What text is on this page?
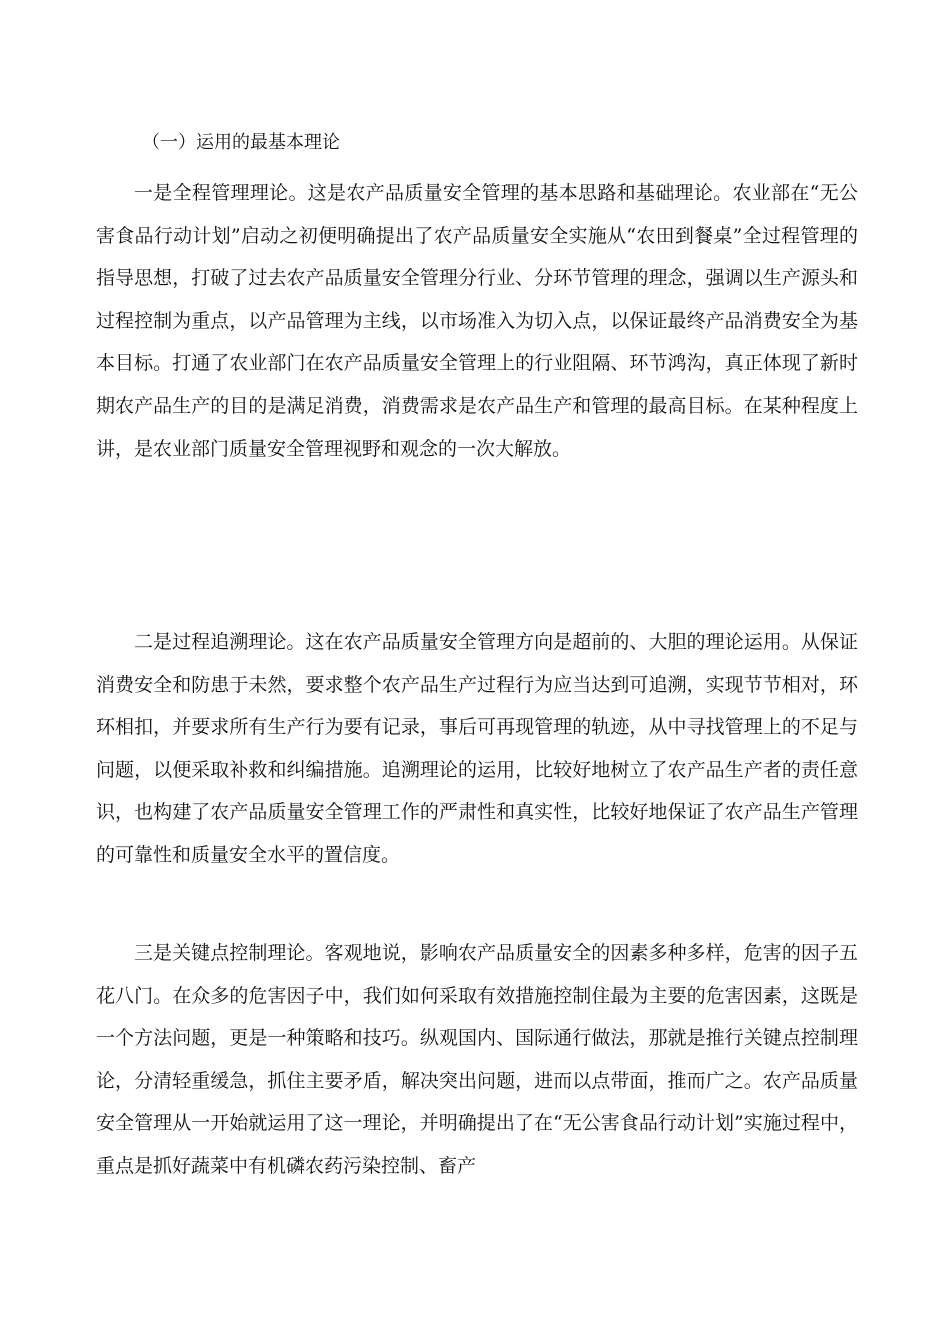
（一）运用的最基本理论

一是全程管理理论。这是农产品质量安全管理的基本思路和基础理论。农业部在“无公害食品行动计划”启动之初便明确提出了农产品质量安全实施从“农田到餐桌”全过程管理的指导思想，打破了过去农产品质量安全管理分行业、分环节管理的理念，强调以生产源头和过程控制为重点，以产品管理为主线，以市场准入为切入点，以保证最终产品消费安全为基本目标。打通了农业部门在农产品质量安全管理上的行业阻隔、环节鸿沟，真正体现了新时期农产品生产的目的是满足消费，消费需求是农产品生产和管理的最高目标。在某种程度上讲，是农业部门质量安全管理视野和观念的一次大解放。

二是过程追溯理论。这在农产品质量安全管理方向是超前的、大胆的理论运用。从保证消费安全和防患于未然，要求整个农产品生产过程行为应当达到可追溯，实现节节相对，环环相扣，并要求所有生产行为要有记录，事后可再现管理的轨迹，从中寻找管理上的不足与问题，以便采取补救和纠编措施。追溯理论的运用，比较好地树立了农产品生产者的责任意识，也构建了农产品质量安全管理工作的严肃性和真实性，比较好地保证了农产品生产管理的可靠性和质量安全水平的置信度。

三是关键点控制理论。客观地说，影响农产品质量安全的因素多种多样，危害的因子五花八门。在众多的危害因子中，我们如何采取有效措施控制住最为主要的危害因素，这既是一个方法问题，更是一种策略和技巧。纵观国内、国际通行做法，那就是推行关键点控制理论，分清轻重缓急，抓住主要矛盾，解决突出问题，进而以点带面，推而广之。农产品质量安全管理从一开始就运用了这一理论，并明确提出了在“无公害食品行动计划”实施过程中，重点是抓好蔬菜中有机磷农药污染控制、畜产
